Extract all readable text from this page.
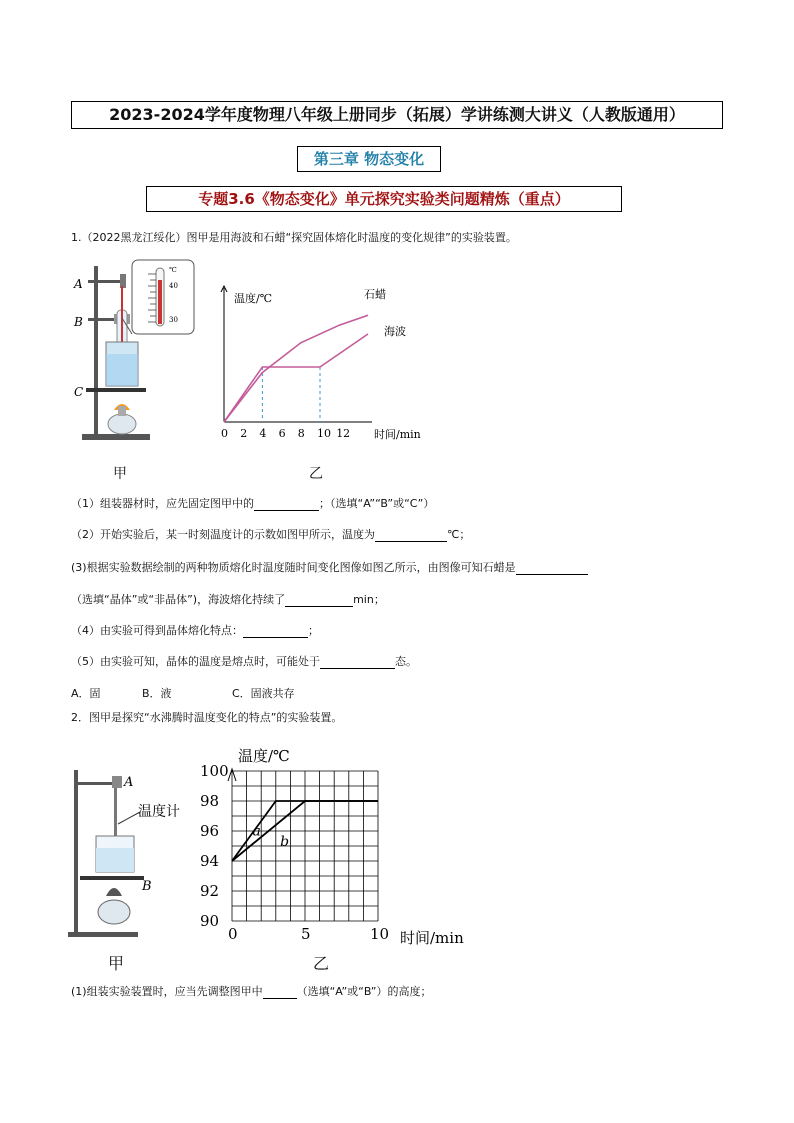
2023-2024学年度物理八年级上册同步（拓展）学讲练测大讲义（人教版通用）
第三章 物态变化
专题3.6《物态变化》单元探究实验类问题精炼（重点）
1.（2022黑龙江绥化）图甲是用海波和石蜡“探究固体熔化时温度的变化规律”的实验装置。
℃
40
30
A
B
C
甲
温度/℃
时间/min
石蜡
海波
0 2 4 6 8 10 12
乙
（1）组装器材时，应先固定图甲中的	；（选填“A”“B”或“C”）
（2）开始实验后，某一时刻温度计的示数如图甲所示，温度为	℃；
(3)根据实验数据绘制的两种物质熔化时温度随时间变化图像如图乙所示，由图像可知石蜡是
（选填“晶体”或“非晶体”)，海波熔化持续了	min；
（4）由实验可得到晶体熔化特点：	；
（5）由实验可知，晶体的温度是熔点时，可能处于	态。
A．固	B．液	C．固液共存
2．图甲是探究“水沸腾时温度变化的特点”的实验装置。
A
B
温度计
甲
温度/℃
时间/min
90
92
94
96
98
100
0	5	10
a
b
乙
(1)组装实验装置时，应当先调整图甲中	（选填“A”或“B”）的高度；
